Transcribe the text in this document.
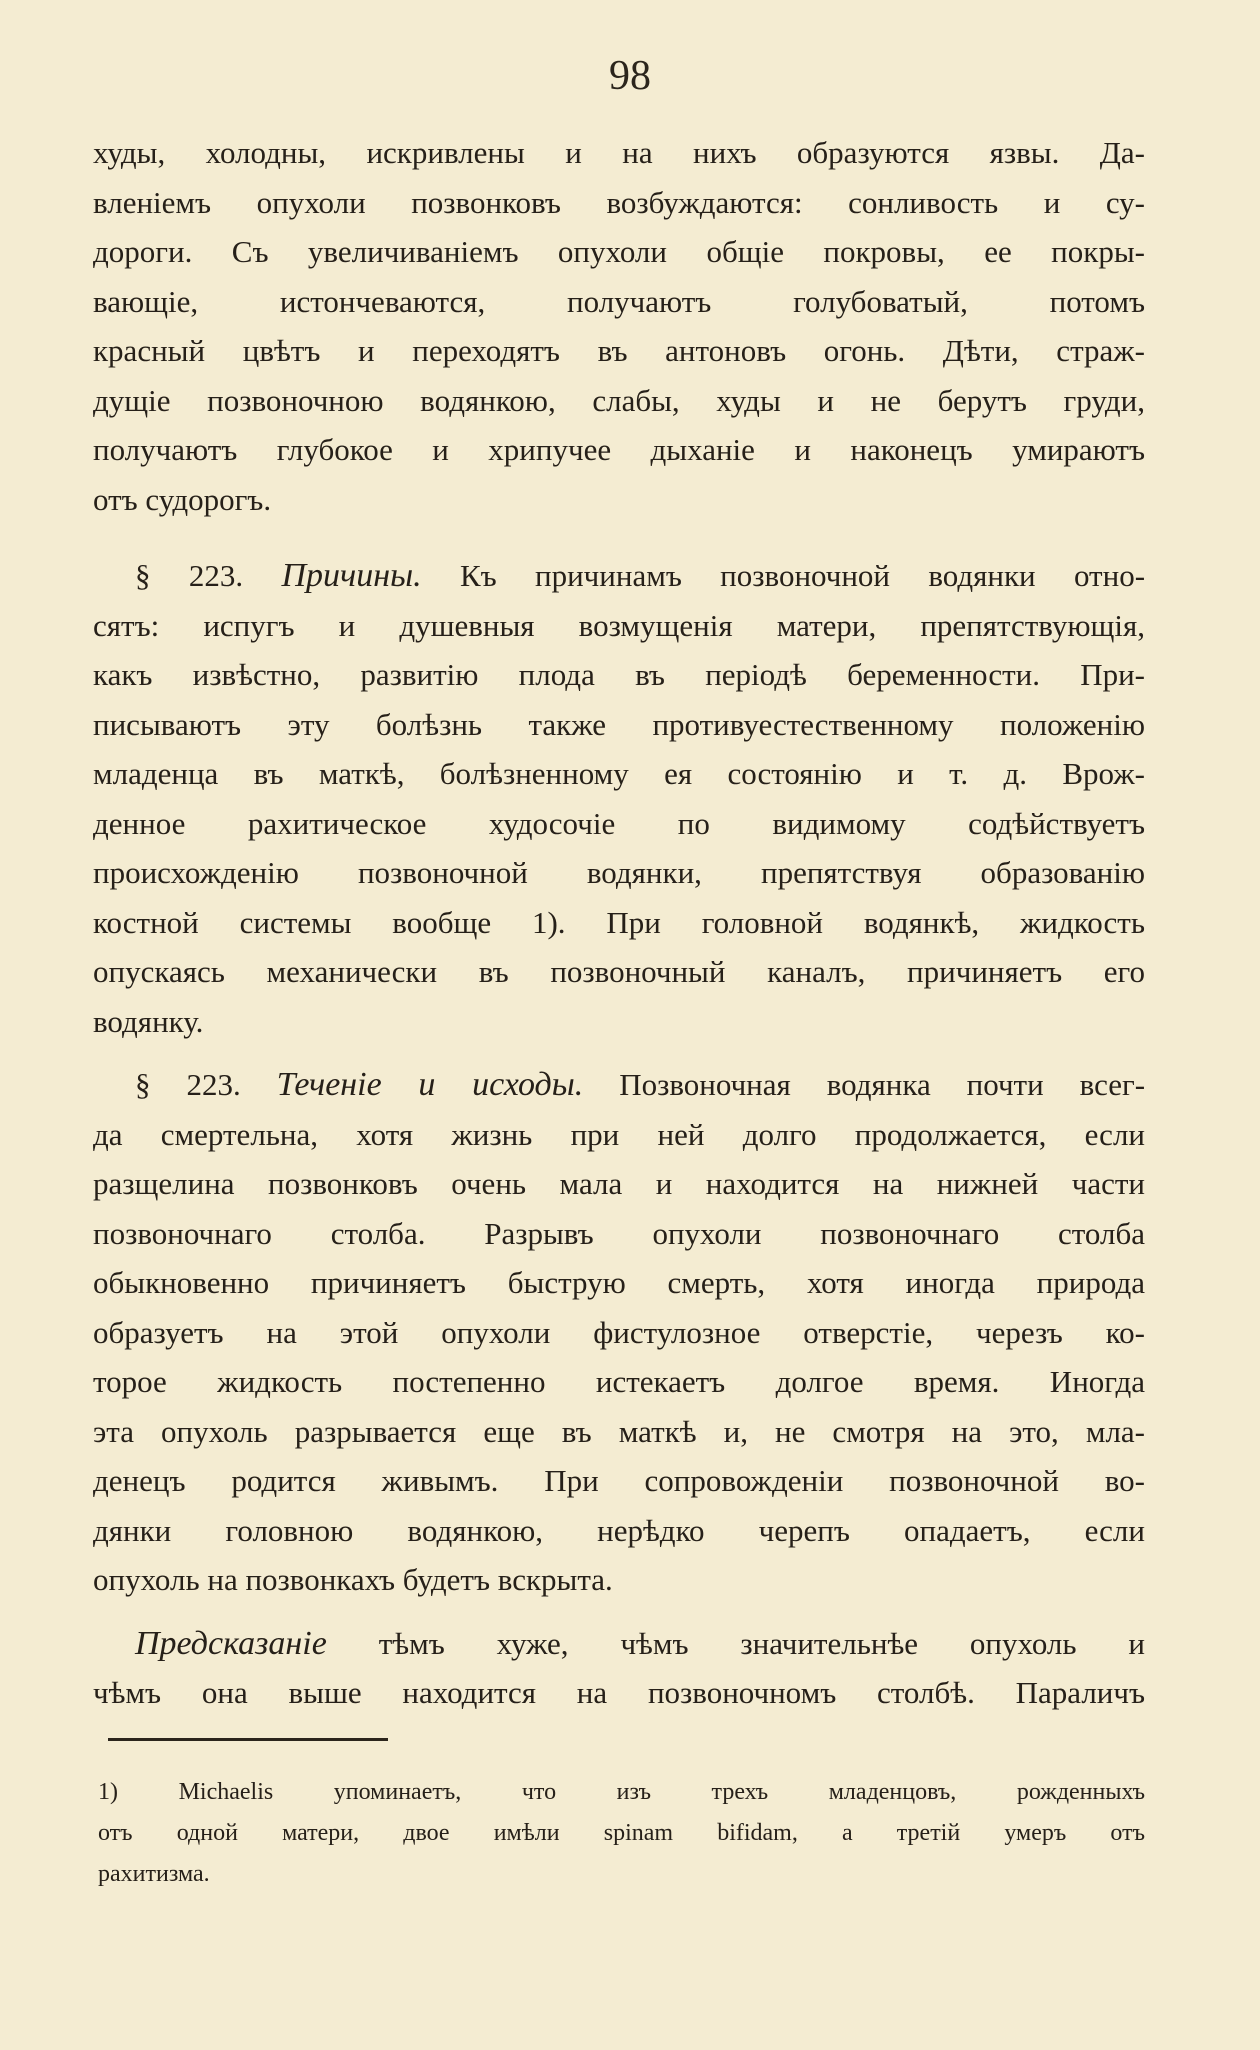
98
худы, холодны, искривлены и на нихъ образуются язвы. Да-
вленіемъ опухоли позвонковъ возбуждаются: сонливость и су-
дороги. Съ увеличиваніемъ опухоли общіе покровы, ее покры-
вающіе, истончеваются, получаютъ голубоватый, потомъ
красный цвѣтъ и переходятъ въ антоновъ огонь. Дѣти, страж-
дущіе позвоночною водянкою, слабы, худы и не берутъ груди,
получаютъ глубокое и хрипучее дыханіе и наконецъ умираютъ
отъ судорогъ.
§ 223. Причины. Къ причинамъ позвоночной водянки отно-
сятъ: испугъ и душевныя возмущенія матери, препятствующія,
какъ извѣстно, развитію плода въ періодѣ беременности. При-
писываютъ эту болѣзнь также противуестественному положенію
младенца въ маткѣ, болѣзненному ея состоянію и т. д. Врож-
денное рахитическое худосочіе по видимому содѣйствуетъ
происхожденію позвоночной водянки, препятствуя образованію
костной системы вообще 1). При головной водянкѣ, жидкость
опускаясь механически въ позвоночный каналъ, причиняетъ его
водянку.
§ 223. Теченіе и исходы. Позвоночная водянка почти всег-
да смертельна, хотя жизнь при ней долго продолжается, если
разщелина позвонковъ очень мала и находится на нижней части
позвоночнаго столба. Разрывъ опухоли позвоночнаго столба
обыкновенно причиняетъ быструю смерть, хотя иногда природа
образуетъ на этой опухоли фистулозное отверстіе, черезъ ко-
торое жидкость постепенно истекаетъ долгое время. Иногда
эта опухоль разрывается еще въ маткѣ и, не смотря на это, мла-
денецъ родится живымъ. При сопровожденіи позвоночной во-
дянки головною водянкою, нерѣдко черепъ опадаетъ, если
опухоль на позвонкахъ будетъ вскрыта.
Предсказаніе тѣмъ хуже, чѣмъ значительнѣе опухоль и
чѣмъ она выше находится на позвоночномъ столбѣ. Параличъ
1) Michaelis упоминаетъ, что изъ трехъ младенцовъ, рожденныхъ
отъ одной матери, двое имѣли spinam bifidam, а третій умеръ отъ
рахитизма.
